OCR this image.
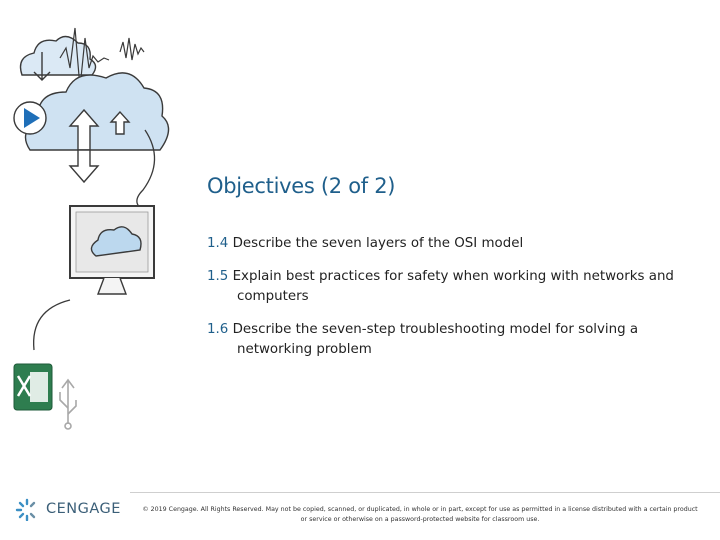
Objectives (2 of 2)
1.4 Describe the seven layers of the OSI model
1.5 Explain best practices for safety when working with networks and computers
1.6 Describe the seven-step troubleshooting model for solving a networking problem
CENGAGE	© 2019 Cengage. All Rights Reserved. May not be copied, scanned, or duplicated, in whole or in part, except for use as permitted in a license distributed with a certain product or service or otherwise on a password-protected website for classroom use.
